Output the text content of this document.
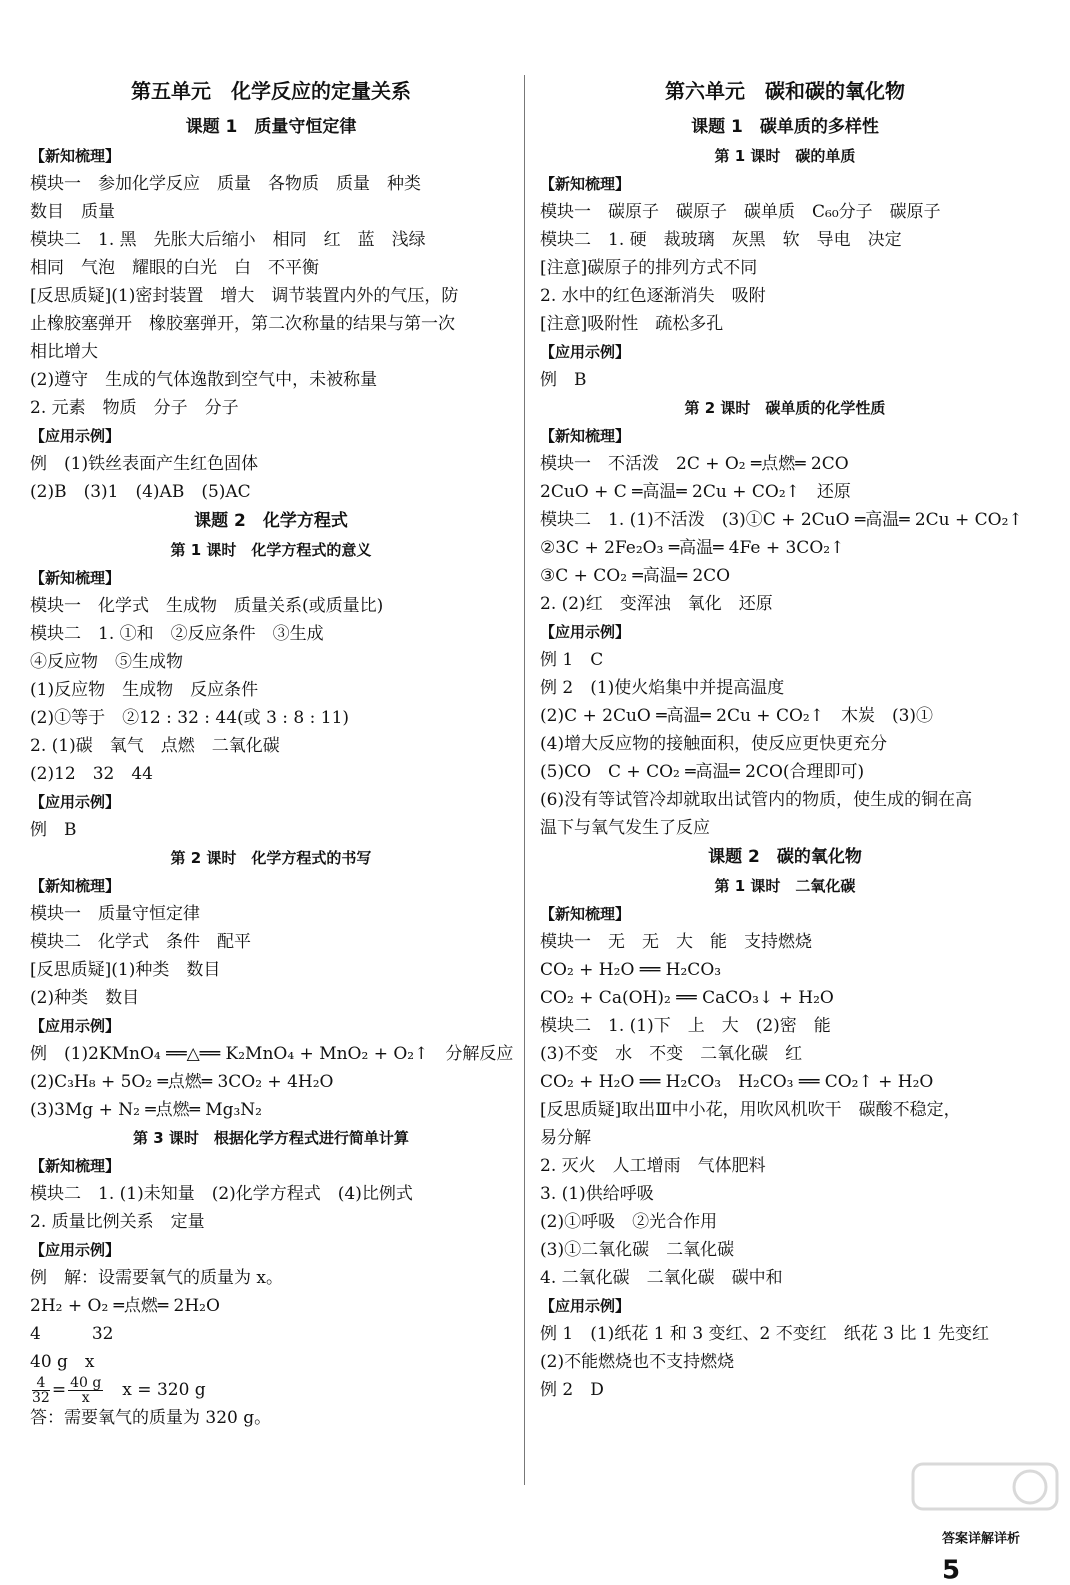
第五单元　化学反应的定量关系
课题 1　质量守恒定律
【新知梳理】
模块一　参加化学反应　质量　各物质　质量　种类
数目　质量
模块二　1. 黑　先胀大后缩小　相同　红　蓝　浅绿
相同　气泡　耀眼的白光　白　不平衡
[反思质疑](1)密封装置　增大　调节装置内外的气压，防
止橡胶塞弹开　橡胶塞弹开，第二次称量的结果与第一次
相比增大
(2)遵守　生成的气体逸散到空气中，未被称量
2. 元素　物质　分子　分子
【应用示例】
例　(1)铁丝表面产生红色固体
(2)B　(3)1　(4)AB　(5)AC
课题 2　化学方程式
第 1 课时　化学方程式的意义
【新知梳理】
模块一　化学式　生成物　质量关系(或质量比)
模块二　1. ①和　②反应条件　③生成
④反应物　⑤生成物
(1)反应物　生成物　反应条件
(2)①等于　②12 : 32 : 44(或 3 : 8 : 11)
2. (1)碳　氧气　点燃　二氧化碳
(2)12　32　44
【应用示例】
例　B
第 2 课时　化学方程式的书写
【新知梳理】
模块一　质量守恒定律
模块二　化学式　条件　配平
[反思质疑](1)种类　数目
(2)种类　数目
【应用示例】
例　(1)2KMnO₄ ══△══ K₂MnO₄ + MnO₂ + O₂↑　分解反应
(2)C₃H₈ + 5O₂ ═点燃═ 3CO₂ + 4H₂O
(3)3Mg + N₂ ═点燃═ Mg₃N₂
第 3 课时　根据化学方程式进行简单计算
【新知梳理】
模块二　1. (1)未知量　(2)化学方程式　(4)比例式
2. 质量比例关系　定量
【应用示例】
例　解：设需要氧气的质量为 x。
2H₂ + O₂ ═点燃═ 2H₂O
4　　　32
40 g　x
$\frac{4}{32} = \frac{40 g}{x}$ 　x = 320 g
答：需要氧气的质量为 320 g。
第六单元　碳和碳的氧化物
课题 1　碳单质的多样性
第 1 课时　碳的单质
【新知梳理】
模块一　碳原子　碳原子　碳单质　C₆₀分子　碳原子
模块二　1. 硬　裁玻璃　灰黑　软　导电　决定
[注意]碳原子的排列方式不同
2. 水中的红色逐渐消失　吸附
[注意]吸附性　疏松多孔
【应用示例】
例　B
第 2 课时　碳单质的化学性质
【新知梳理】
模块一　不活泼　2C + O₂ ═点燃═ 2CO
2CuO + C ═高温═ 2Cu + CO₂↑　还原
模块二　1. (1)不活泼　(3)①C + 2CuO ═高温═ 2Cu + CO₂↑
②3C + 2Fe₂O₃ ═高温═ 4Fe + 3CO₂↑
③C + CO₂ ═高温═ 2CO
2. (2)红　变浑浊　氧化　还原
【应用示例】
例 1　C
例 2　(1)使火焰集中并提高温度
(2)C + 2CuO ═高温═ 2Cu + CO₂↑　木炭　(3)①
(4)增大反应物的接触面积，使反应更快更充分
(5)CO　C + CO₂ ═高温═ 2CO(合理即可)
(6)没有等试管冷却就取出试管内的物质，使生成的铜在高
温下与氧气发生了反应
课题 2　碳的氧化物
第 1 课时　二氧化碳
【新知梳理】
模块一　无　无　大　能　支持燃烧
CO₂ + H₂O ══ H₂CO₃
CO₂ + Ca(OH)₂ ══ CaCO₃↓ + H₂O
模块二　1. (1)下　上　大　(2)密　能
(3)不变　水　不变　二氧化碳　红
CO₂ + H₂O ══ H₂CO₃　H₂CO₃ ══ CO₂↑ + H₂O
[反思质疑]取出Ⅲ中小花，用吹风机吹干　碳酸不稳定，
易分解
2. 灭火　人工增雨　气体肥料
3. (1)供给呼吸
(2)①呼吸　②光合作用
(3)①二氧化碳　二氧化碳
4. 二氧化碳　二氧化碳　碳中和
【应用示例】
例 1　(1)纸花 1 和 3 变红、2 不变红　纸花 3 比 1 先变红
(2)不能燃烧也不支持燃烧
例 2　D

答案详解详析
5
